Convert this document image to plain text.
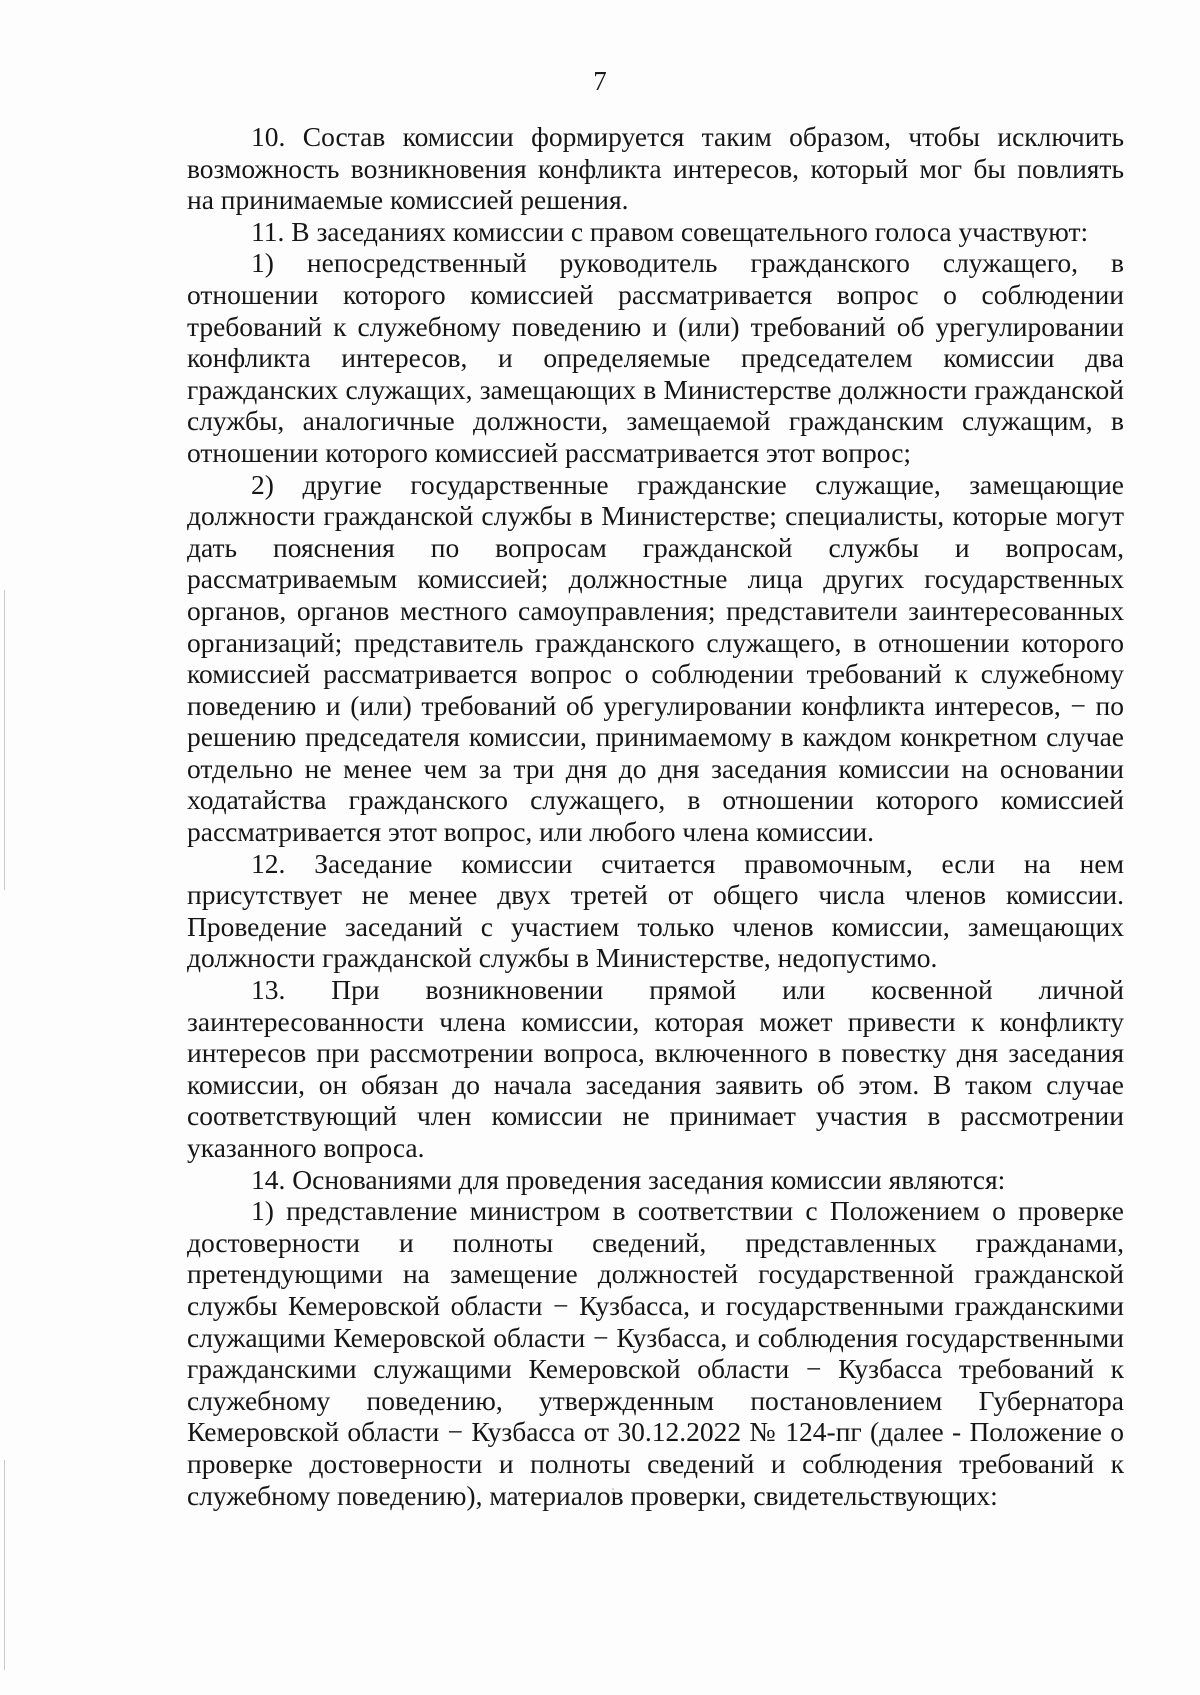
7

10. Состав комиссии формируется таким образом, чтобы исключить возможность возникновения конфликта интересов, который мог бы повлиять на принимаемые комиссией решения.

11. В заседаниях комиссии с правом совещательного голоса участвуют:

1) непосредственный руководитель гражданского служащего, в отношении которого комиссией рассматривается вопрос о соблюдении требований к служебному поведению и (или) требований об урегулировании конфликта интересов, и определяемые председателем комиссии два гражданских служащих, замещающих в Министерстве должности гражданской службы, аналогичные должности, замещаемой гражданским служащим, в отношении которого комиссией рассматривается этот вопрос;

2) другие государственные гражданские служащие, замещающие должности гражданской службы в Министерстве; специалисты, которые могут дать пояснения по вопросам гражданской службы и вопросам, рассматриваемым комиссией; должностные лица других государственных органов, органов местного самоуправления; представители заинтересованных организаций; представитель гражданского служащего, в отношении которого комиссией рассматривается вопрос о соблюдении требований к служебному поведению и (или) требований об урегулировании конфликта интересов, − по решению председателя комиссии, принимаемому в каждом конкретном случае отдельно не менее чем за три дня до дня заседания комиссии на основании ходатайства гражданского служащего, в отношении которого комиссией рассматривается этот вопрос, или любого члена комиссии.

12. Заседание комиссии считается правомочным, если на нем присутствует не менее двух третей от общего числа членов комиссии. Проведение заседаний с участием только членов комиссии, замещающих должности гражданской службы в Министерстве, недопустимо.

13. При возникновении прямой или косвенной личной заинтересованности члена комиссии, которая может привести к конфликту интересов при рассмотрении вопроса, включенного в повестку дня заседания комиссии, он обязан до начала заседания заявить об этом. В таком случае соответствующий член комиссии не принимает участия в рассмотрении указанного вопроса.

14. Основаниями для проведения заседания комиссии являются:

1) представление министром в соответствии с Положением о проверке достоверности и полноты сведений, представленных гражданами, претендующими на замещение должностей государственной гражданской службы Кемеровской области − Кузбасса, и государственными гражданскими служащими Кемеровской области − Кузбасса, и соблюдения государственными гражданскими служащими Кемеровской области − Кузбасса требований к служебному поведению, утвержденным постановлением Губернатора Кемеровской области − Кузбасса от 30.12.2022 № 124-пг (далее - Положение о проверке достоверности и полноты сведений и соблюдения требований к служебному поведению), материалов проверки, свидетельствующих:
